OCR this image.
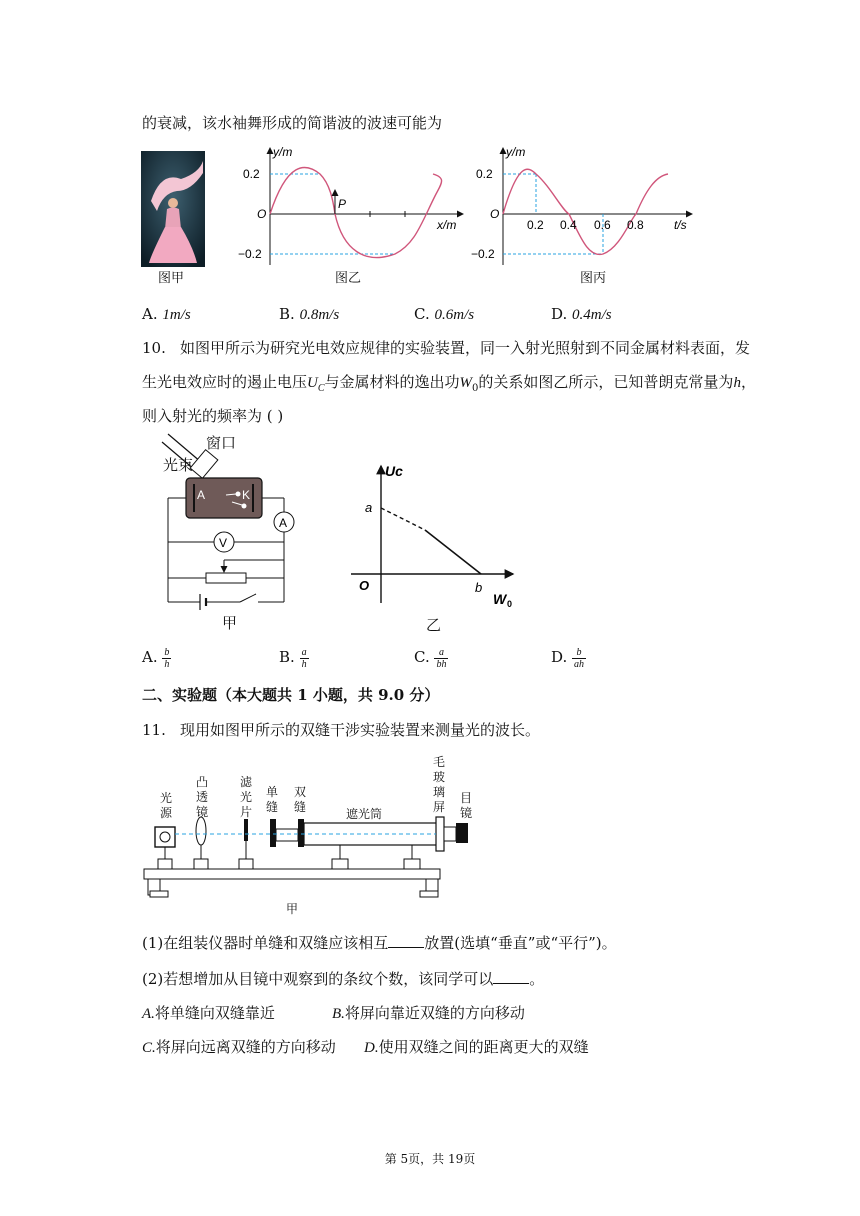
的衰减，该水袖舞形成的简谐波的波速可能为
图甲
y/m
0.2
−0.2
O
P
x/m
图乙
y/m
0.2
−0.2
O
0.2 0.4 0.6 0.8	t/s
图丙
A. 1m/s	B. 0.8m/s	C. 0.6m/s	D. 0.4m/s
10. 如图甲所示为研究光电效应规律的实验装置，同一入射光照射到不同金属材料表面，发
生光电效应时的遏止电压$U_C$与金属材料的逸出功$W_0$的关系如图乙所示，已知普朗克常量为h，
则入射光的频率为 ( )
A	K
A
V
光束
窗口
甲
Uc
a
O	b
W 0
乙
A. $\frac{b}{h}$	B. $\frac{a}{h}$	C. $\frac{a}{bh}$	D. $\frac{b}{ah}$
二、实验题（本大题共 1 小题，共 9.0 分）
11. 现用如图甲所示的双缝干涉实验装置来测量光的波长。
光
源
凸
透
镜
滤
光
片
单
缝
双
缝	遮光筒
毛
玻
璃
屏
目
镜
甲
(1)在组装仪器时单缝和双缝应该相互 放置(选填“垂直”或“平行”)。
(2)若想增加从目镜中观察到的条纹个数，该同学可以 。
A.将单缝向双缝靠近	B.将屏向靠近双缝的方向移动
C.将屏向远离双缝的方向移动 D.使用双缝之间的距离更大的双缝
第 5页，共 19页
